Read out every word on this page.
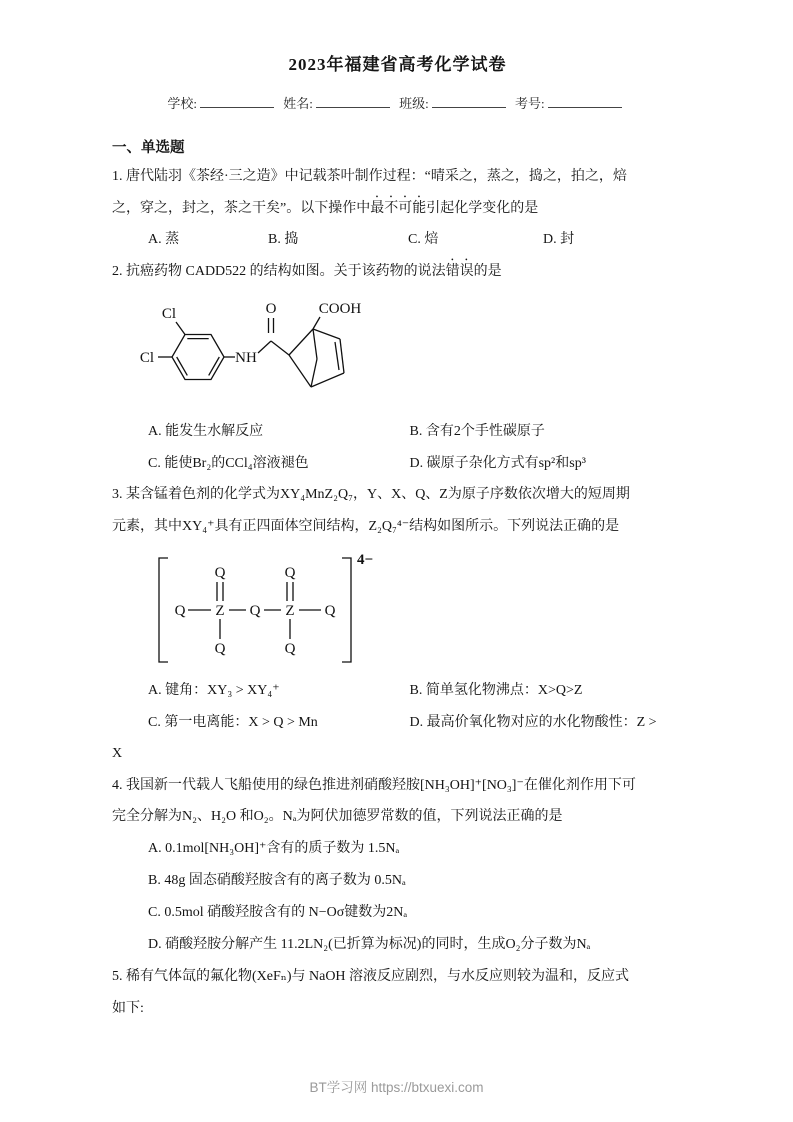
2023年福建省高考化学试卷
学校:	姓名:	班级:	考号:
一、单选题

1. 唐代陆羽《茶经·三之造》中记载茶叶制作过程：“晴采之，蒸之，捣之，拍之，焙

之，穿之，封之，茶之干矣”。以下操作中最不可能引起化学变化的是

A. 蒸	B. 捣	C. 焙	D. 封

2. 抗癌药物 CADD522 的结构如图。关于该药物的说法错误的是

Cl
Cl	NH
O	COOH
A. 能发生水解反应	B. 含有2个手性碳原子
C. 能使Br₂的CCl₄溶液褪色	D. 碳原子杂化方式有sp²和sp³

3. 某含锰着色剂的化学式为XY₄MnZ₂Q₇，Y、X、Q、Z为原子序数依次增大的短周期

元素，其中XY₄⁺具有正四面体空间结构，Z₂Q₇⁴⁻结构如图所示。下列说法正确的是

4−
Q Z Q Z Q
Q	Q
Q	Q
A. 键角：XY₃ > XY₄⁺	B. 简单氢化物沸点：X>Q>Z
C. 第一电离能：X > Q > Mn	D. 最高价氧化物对应的水化物酸性：Z >

X

4. 我国新一代载人飞船使用的绿色推进剂硝酸羟胺[NH₃OH]⁺[NO₃]⁻在催化剂作用下可

完全分解为N₂、H₂O 和O₂。Nₐ为阿伏加德罗常数的值，下列说法正确的是

A. 0.1mol[NH₃OH]⁺含有的质子数为 1.5Nₐ

B. 48g 固态硝酸羟胺含有的离子数为 0.5Nₐ

C. 0.5mol 硝酸羟胺含有的 N−Oσ键数为2Nₐ

D. 硝酸羟胺分解产生 11.2LN₂(已折算为标况)的同时，生成O₂分子数为Nₐ

5. 稀有气体氙的氟化物(XeFₙ)与 NaOH 溶液反应剧烈，与水反应则较为温和，反应式

如下:

BT学习网 https://btxuexi.com
